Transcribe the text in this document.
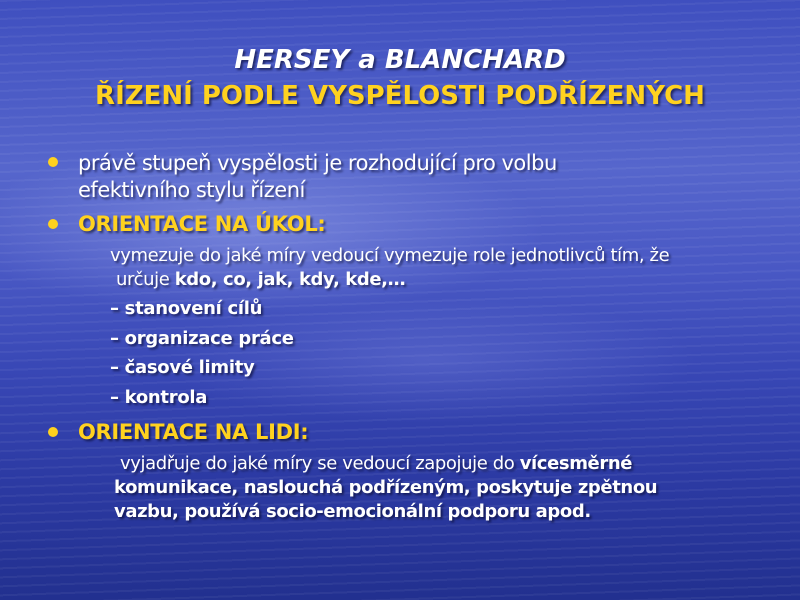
HERSEY a BLANCHARD
ŘÍZENÍ PODLE VYSPĚLOSTI PODŘÍZENÝCH
právě stupeň vyspělosti je rozhodující pro volbu
efektivního stylu řízení
ORIENTACE NA ÚKOL:
vymezuje do jaké míry vedoucí vymezuje role jednotlivců tím, že
určuje kdo, co, jak, kdy, kde,…
– stanovení cílů
– organizace práce
– časové limity
– kontrola
ORIENTACE NA LIDI:
vyjadřuje do jaké míry se vedoucí zapojuje do vícesměrné
komunikace, naslouchá podřízeným, poskytuje zpětnou
vazbu, používá socio-emocionální podporu apod.
